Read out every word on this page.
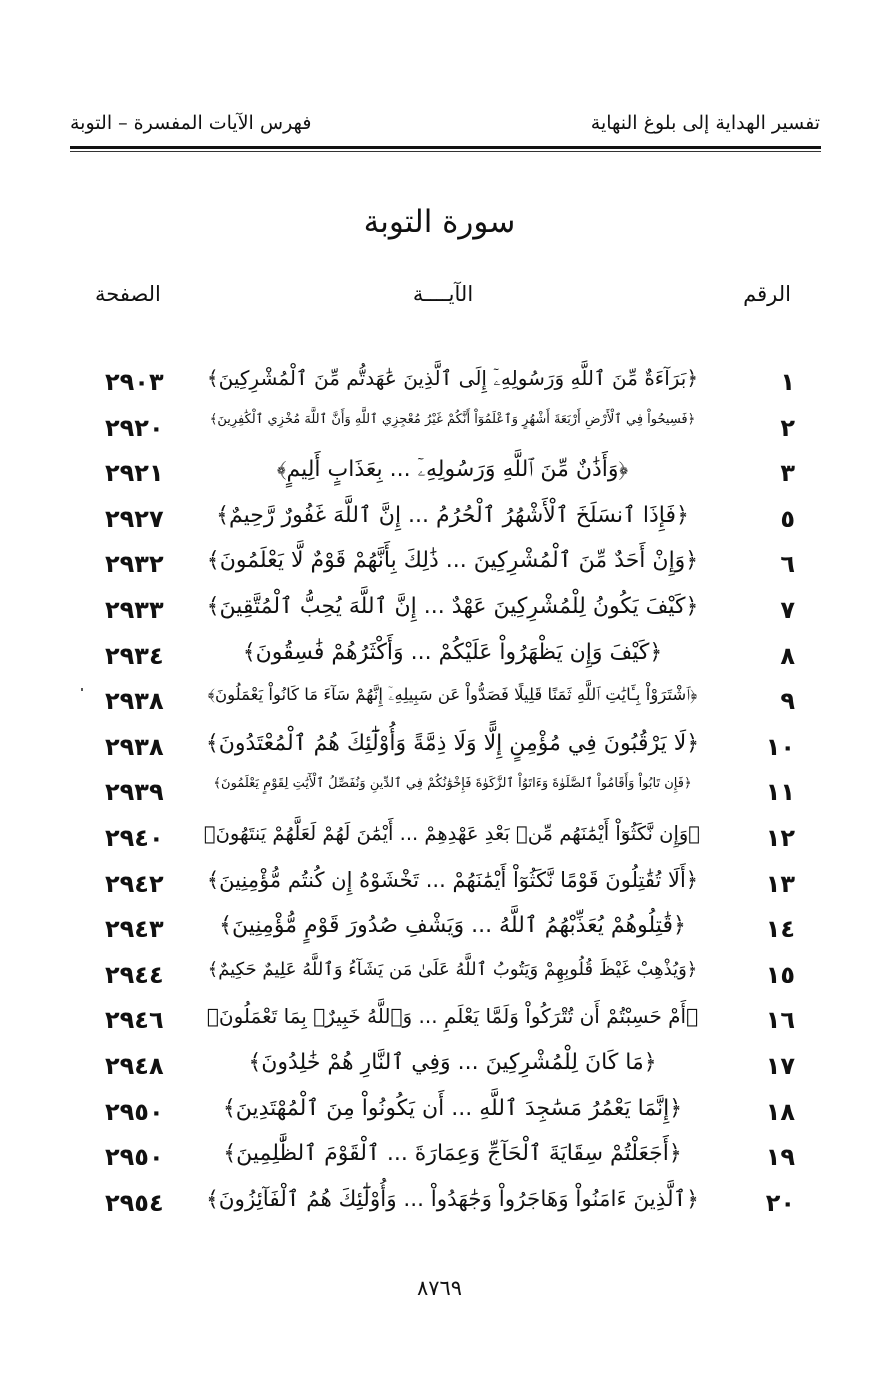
تفسير الهداية إلى بلوغ النهاية
فهرس الآيات المفسرة – التوبة
سورة التوبة
الرقم
الآيــــة
الصفحة
١
﴿بَرَآءَةٌ مِّنَ ٱللَّهِ وَرَسُولِهِۦٓ إِلَى ٱلَّذِينَ عَٰهَدتُّم مِّنَ ٱلْمُشْرِكِينَ﴾
٢٩٠٣
٢
﴿فَسِيحُواْ فِي ٱلْأَرْضِ أَرْبَعَةَ أَشْهُرٍ وَٱعْلَمُوٓاْ أَنَّكُمْ غَيْرُ مُعْجِزِي ٱللَّهِ وَأَنَّ ٱللَّهَ مُخْزِي ٱلْكَٰفِرِينَ﴾
٢٩٢٠
٣
﴿وَأَذَٰنٌ مِّنَ ٱللَّهِ وَرَسُولِهِۦٓ ... بِعَذَابٍ أَلِيمٍ﴾
٢٩٢١
٥
﴿فَإِذَا ٱنسَلَخَ ٱلْأَشْهُرُ ٱلْحُرُمُ ... إِنَّ ٱللَّهَ غَفُورٌ رَّحِيمٌ﴾
٢٩٢٧
٦
﴿وَإِنْ أَحَدٌ مِّنَ ٱلْمُشْرِكِينَ ... ذَٰلِكَ بِأَنَّهُمْ قَوْمٌ لَّا يَعْلَمُونَ﴾
٢٩٣٢
٧
﴿كَيْفَ يَكُونُ لِلْمُشْرِكِينَ عَهْدٌ ... إِنَّ ٱللَّهَ يُحِبُّ ٱلْمُتَّقِينَ﴾
٢٩٣٣
٨
﴿كَيْفَ وَإِن يَظْهَرُواْ عَلَيْكُمْ ... وَأَكْثَرُهُمْ فَٰسِقُونَ﴾
٢٩٣٤
٩
﴿ٱشْتَرَوْاْ بِـَٔايَٰتِ ٱللَّهِ ثَمَنًا قَلِيلًا فَصَدُّواْ عَن سَبِيلِهِۦٓ إِنَّهُمْ سَآءَ مَا كَانُواْ يَعْمَلُونَ﴾
٢٩٣٨
١٠
﴿لَا يَرْقُبُونَ فِي مُؤْمِنٍ إِلًّا وَلَا ذِمَّةً وَأُوْلَٰٓئِكَ هُمُ ٱلْمُعْتَدُونَ﴾
٢٩٣٨
١١
﴿فَإِن تَابُواْ وَأَقَامُواْ ٱلصَّلَوٰةَ وَءَاتَوُاْ ٱلزَّكَوٰةَ فَإِخْوَٰنُكُمْ فِي ٱلدِّينِ وَنُفَصِّلُ ٱلْأٓيَٰتِ لِقَوْمٍ يَعْلَمُونَ﴾
٢٩٣٩
١٢
﴿وَإِن نَّكَثُوٓاْ أَيْمَٰنَهُم مِّنۢ بَعْدِ عَهْدِهِمْ ... أَيْمَٰنَ لَهُمْ لَعَلَّهُمْ يَنتَهُونَ﴾
٢٩٤٠
١٣
﴿أَلَا تُقَٰتِلُونَ قَوْمًا نَّكَثُوٓاْ أَيْمَٰنَهُمْ ... تَخْشَوْهُ إِن كُنتُم مُّؤْمِنِينَ﴾
٢٩٤٢
١٤
﴿قَٰتِلُوهُمْ يُعَذِّبْهُمُ ٱللَّهُ ... وَيَشْفِ صُدُورَ قَوْمٍ مُّؤْمِنِينَ﴾
٢٩٤٣
١٥
﴿وَيُذْهِبْ غَيْظَ قُلُوبِهِمْ وَيَتُوبُ ٱللَّهُ عَلَىٰ مَن يَشَآءُ وَٱللَّهُ عَلِيمٌ حَكِيمٌ﴾
٢٩٤٤
١٦
﴿أَمْ حَسِبْتُمْ أَن تُتْرَكُواْ وَلَمَّا يَعْلَمِ ... وَٱللَّهُ خَبِيرٌۢ بِمَا تَعْمَلُونَ﴾
٢٩٤٦
١٧
﴿مَا كَانَ لِلْمُشْرِكِينَ ... وَفِي ٱلنَّارِ هُمْ خَٰلِدُونَ﴾
٢٩٤٨
١٨
﴿إِنَّمَا يَعْمُرُ مَسَٰجِدَ ٱللَّهِ ... أَن يَكُونُواْ مِنَ ٱلْمُهْتَدِينَ﴾
٢٩٥٠
١٩
﴿أَجَعَلْتُمْ سِقَايَةَ ٱلْحَآجِّ وَعِمَارَةَ ... ٱلْقَوْمَ ٱلظَّٰلِمِينَ﴾
٢٩٥٠
٢٠
﴿ٱلَّذِينَ ءَامَنُواْ وَهَاجَرُواْ وَجَٰهَدُواْ ... وَأُوْلَٰٓئِكَ هُمُ ٱلْفَآئِزُونَ﴾
٢٩٥٤
٨٧٦٩
